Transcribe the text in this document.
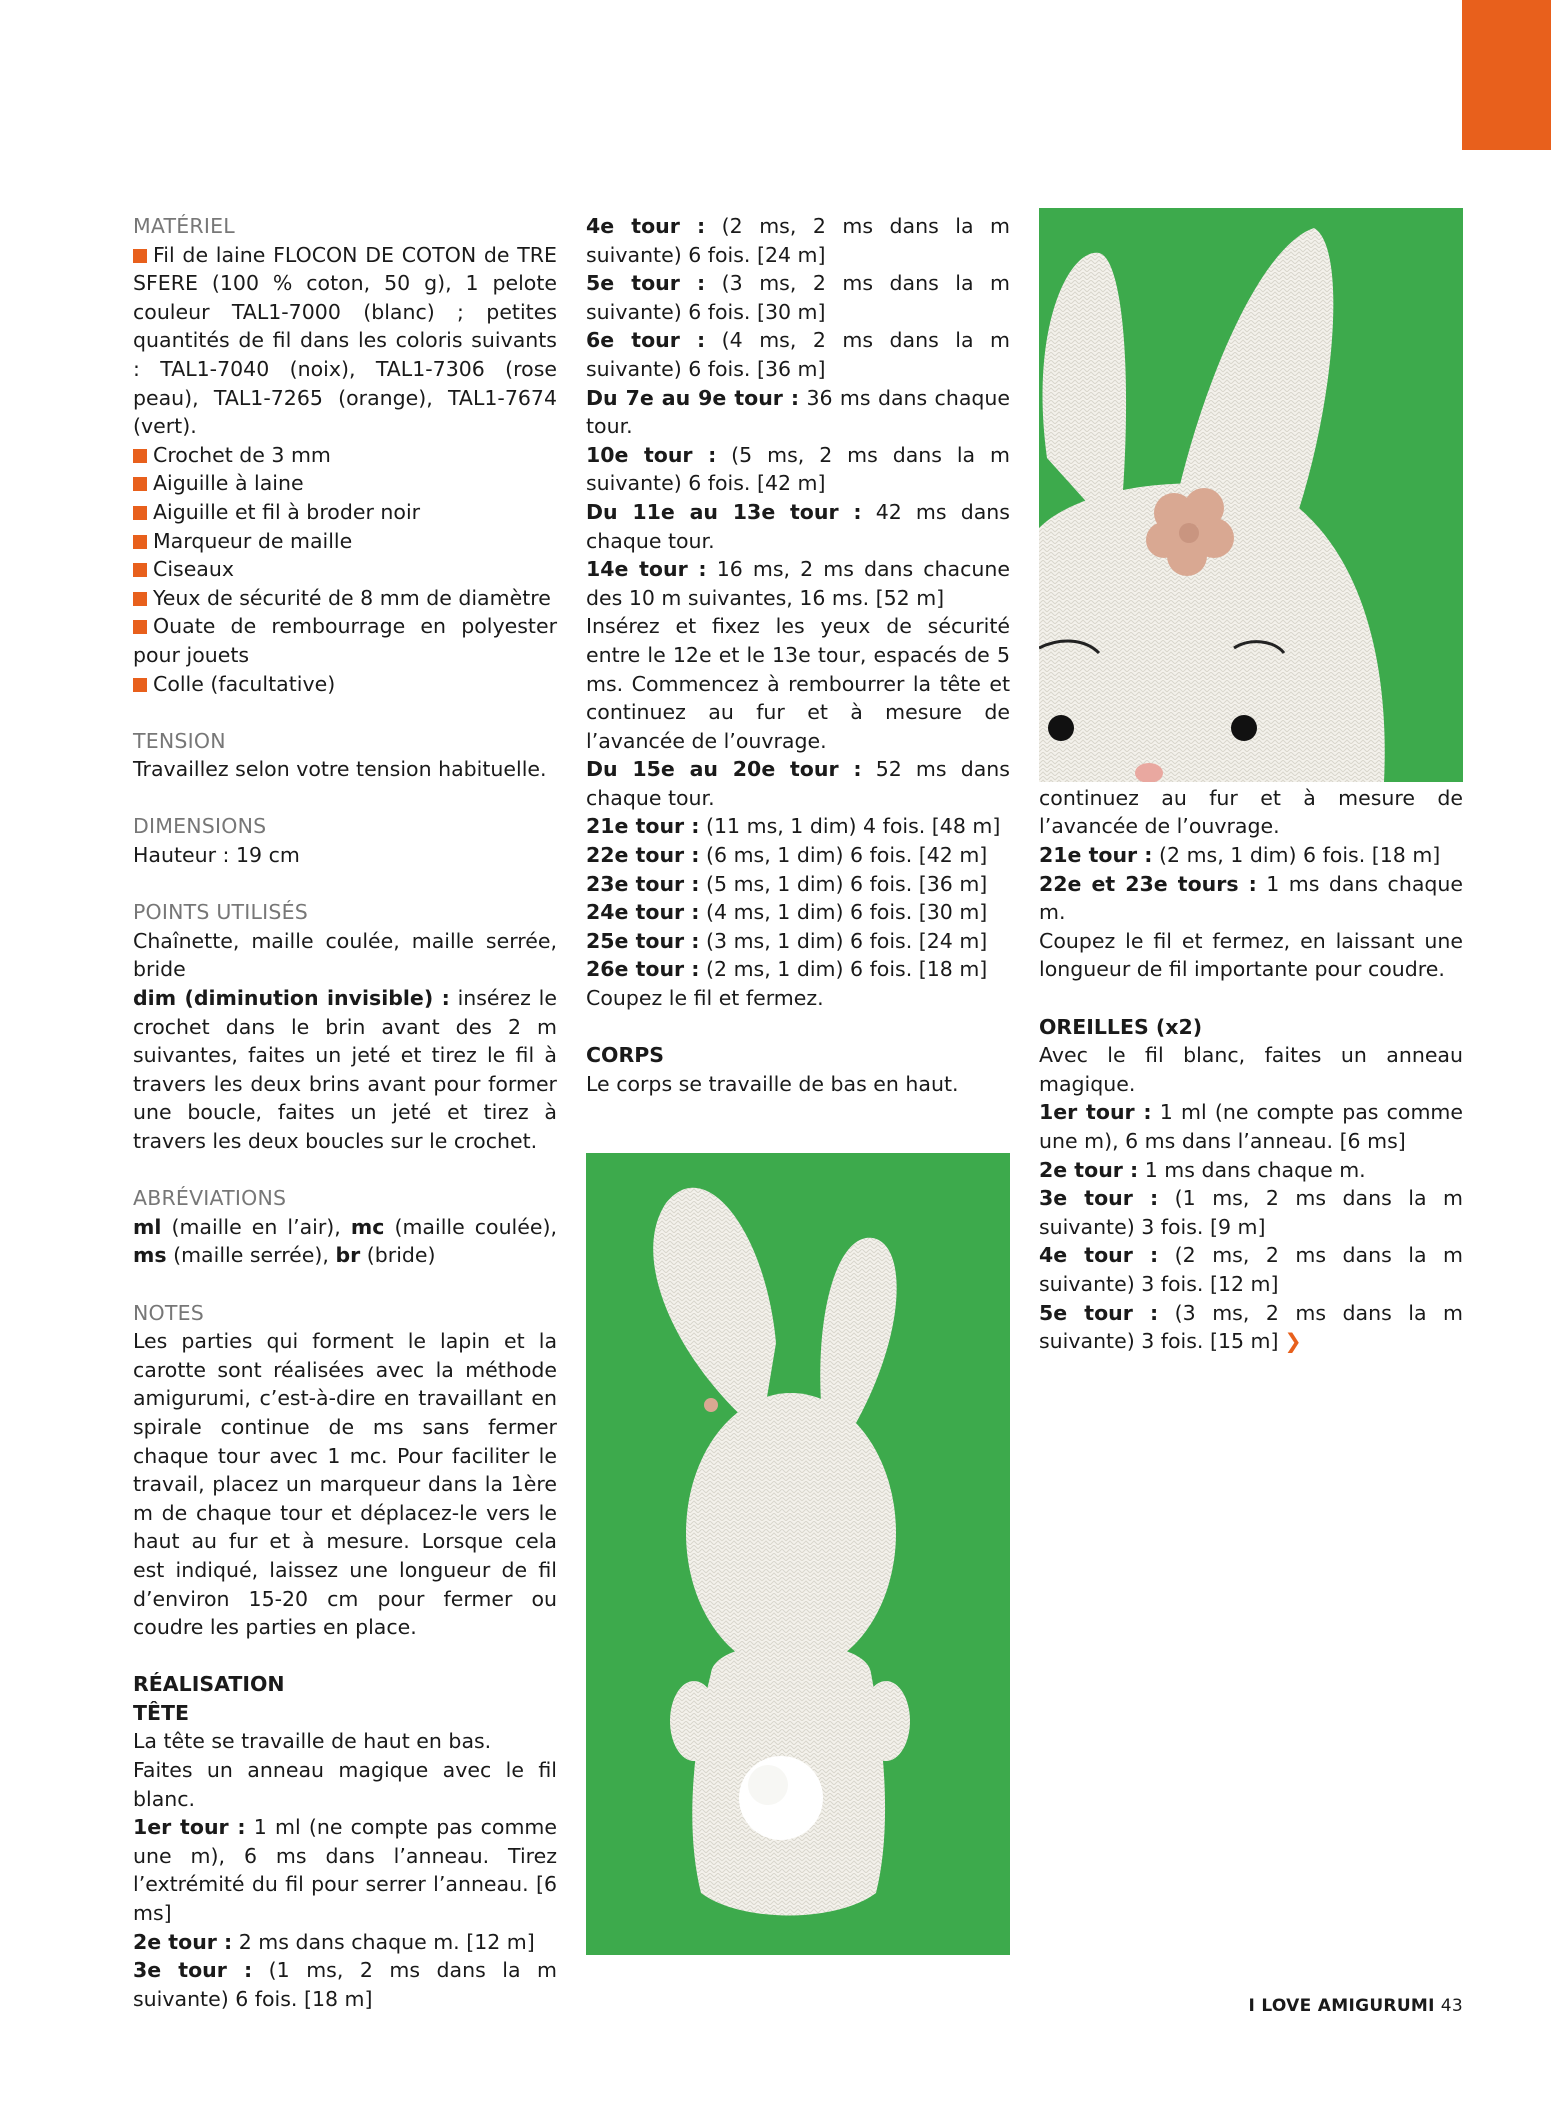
MATÉRIEL

Fil de laine FLOCON DE COTON de TRE SFERE (100 % coton, 50 g), 1 pelote couleur TAL1-7000 (blanc) ; petites quantités de fil dans les coloris suivants : TAL1-7040 (noix), TAL1-7306 (rose peau), TAL1-7265 (orange), TAL1-7674 (vert).

Crochet de 3 mm

Aiguille à laine

Aiguille et fil à broder noir

Marqueur de maille

Ciseaux

Yeux de sécurité de 8 mm de diamètre

Ouate de rembourrage en polyester pour jouets

Colle (facultative)

TENSION

Travaillez selon votre tension habituelle.

DIMENSIONS

Hauteur : 19 cm

POINTS UTILISÉS

Chaînette, maille coulée, maille serrée, bride

dim (diminution invisible) : insérez le crochet dans le brin avant des 2 m suivantes, faites un jeté et tirez le fil à travers les deux brins avant pour former une boucle, faites un jeté et tirez à travers les deux boucles sur le crochet.

ABRÉVIATIONS

ml (maille en l’air), mc (maille coulée), ms (maille serrée), br (bride)

NOTES

Les parties qui forment le lapin et la carotte sont réalisées avec la méthode amigurumi, c’est-à-dire en travaillant en spirale continue de ms sans fermer chaque tour avec 1 mc. Pour faciliter le travail, placez un marqueur dans la 1ère m de chaque tour et déplacez-le vers le haut au fur et à mesure. Lorsque cela est indiqué, laissez une longueur de fil d’environ 15-20 cm pour fermer ou coudre les parties en place.

RÉALISATION

TÊTE

La tête se travaille de haut en bas.

Faites un anneau magique avec le fil blanc.

1er tour : 1 ml (ne compte pas comme une m), 6 ms dans l’anneau. Tirez l’extrémité du fil pour serrer l’anneau. [6 ms]

2e tour : 2 ms dans chaque m. [12 m]

3e tour : (1 ms, 2 ms dans la m suivante) 6 fois. [18 m]

4e tour : (2 ms, 2 ms dans la m suivante) 6 fois. [24 m]

5e tour : (3 ms, 2 ms dans la m suivante) 6 fois. [30 m]

6e tour : (4 ms, 2 ms dans la m suivante) 6 fois. [36 m]

Du 7e au 9e tour : 36 ms dans chaque tour.

10e tour : (5 ms, 2 ms dans la m suivante) 6 fois. [42 m]

Du 11e au 13e tour : 42 ms dans chaque tour.

14e tour : 16 ms, 2 ms dans chacune des 10 m suivantes, 16 ms. [52 m]

Insérez et fixez les yeux de sécurité entre le 12e et le 13e tour, espacés de 5 ms. Commencez à rembourrer la tête et continuez au fur et à mesure de l’avancée de l’ouvrage.

Du 15e au 20e tour : 52 ms dans chaque tour.

21e tour : (11 ms, 1 dim) 4 fois. [48 m]

22e tour : (6 ms, 1 dim) 6 fois. [42 m]

23e tour : (5 ms, 1 dim) 6 fois. [36 m]

24e tour : (4 ms, 1 dim) 6 fois. [30 m]

25e tour : (3 ms, 1 dim) 6 fois. [24 m]

26e tour : (2 ms, 1 dim) 6 fois. [18 m]

Coupez le fil et fermez.

CORPS

Le corps se travaille de bas en haut.

continuez au fur et à mesure de l’avancée de l’ouvrage.

21e tour : (2 ms, 1 dim) 6 fois. [18 m]

22e et 23e tours : 1 ms dans chaque m.

Coupez le fil et fermez, en laissant une longueur de fil importante pour coudre.

OREILLES (x2)

Avec le fil blanc, faites un anneau magique.

1er tour : 1 ml (ne compte pas comme une m), 6 ms dans l’anneau. [6 ms]

2e tour : 1 ms dans chaque m.

3e tour : (1 ms, 2 ms dans la m suivante) 3 fois. [9 m]

4e tour : (2 ms, 2 ms dans la m suivante) 3 fois. [12 m]

5e tour : (3 ms, 2 ms dans la m suivante) 3 fois. [15 m] ❯

I LOVE AMIGURUMI 43
